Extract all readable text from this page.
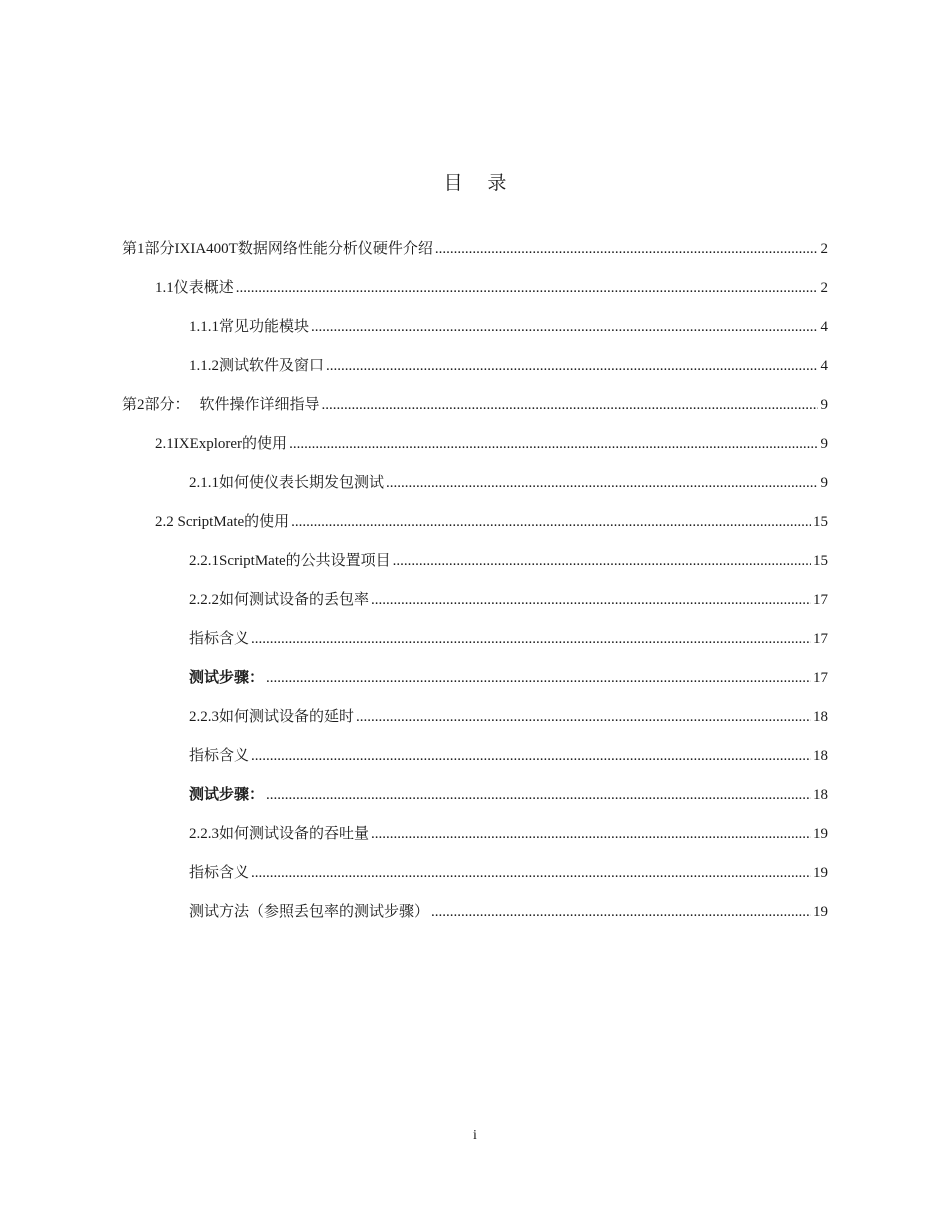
目 录
第1部分 IXIA400T数据网络性能分析仪硬件介绍 .....	2
1.1仪表概述 .....	2
1.1.1常见功能模块 .....	4
1.1.2测试软件及窗口 .....	4
第2部分： 软件操作详细指导 .....	9
2.1IXExplorer的使用 .....	9
2.1.1 如何使仪表长期发包测试 .....	9
2.2 ScriptMate的使用 .....	15
2.2.1 ScriptMate的公共设置项目 .....	15
2.2.2 如何测试设备的丢包率 .....	17
指标含义 .....	17
测试步骤： .....	17
2.2.3如何测试设备的延时 .....	18
指标含义 .....	18
测试步骤： .....	18
2.2.3如何测试设备的吞吐量 .....	19
指标含义 .....	19
测试方法（参照丢包率的测试步骤） .....	19
i
